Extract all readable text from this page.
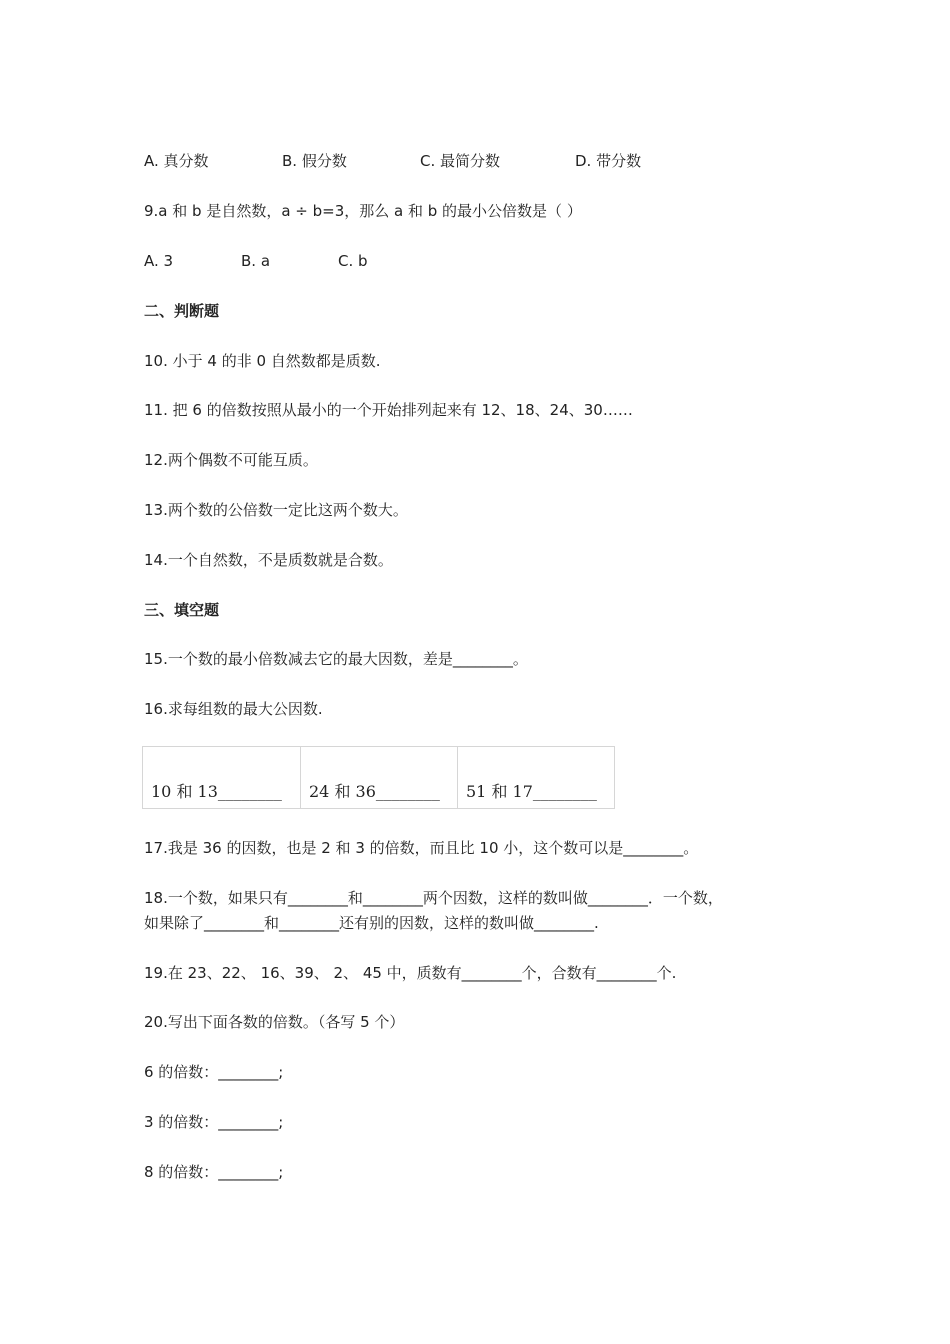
A. 真分数	B. 假分数	C. 最简分数	D. 带分数
9.a 和 b 是自然数，a ÷ b=3，那么 a 和 b 的最小公倍数是（ ）
A. 3	B. a	C. b
二、判断题
10. 小于 4 的非 0 自然数都是质数.
11. 把 6 的倍数按照从最小的一个开始排列起来有 12、18、24、30……
12.两个偶数不可能互质。
13.两个数的公倍数一定比这两个数大。
14.一个自然数，不是质数就是合数。
三、填空题
15.一个数的最小倍数减去它的最大因数，差是________。
16.求每组数的最大公因数.
10 和 13________	24 和 36________	51 和 17________
17.我是 36 的因数，也是 2 和 3 的倍数，而且比 10 小，这个数可以是________。
18.一个数，如果只有________和________两个因数，这样的数叫做________．一个数，
如果除了________和________还有别的因数，这样的数叫做________.
19.在 23、22、 16、39、 2、 45 中，质数有________个，合数有________个.
20.写出下面各数的倍数。（各写 5 个）
6 的倍数：________;
3 的倍数：________;
8 的倍数：________;
